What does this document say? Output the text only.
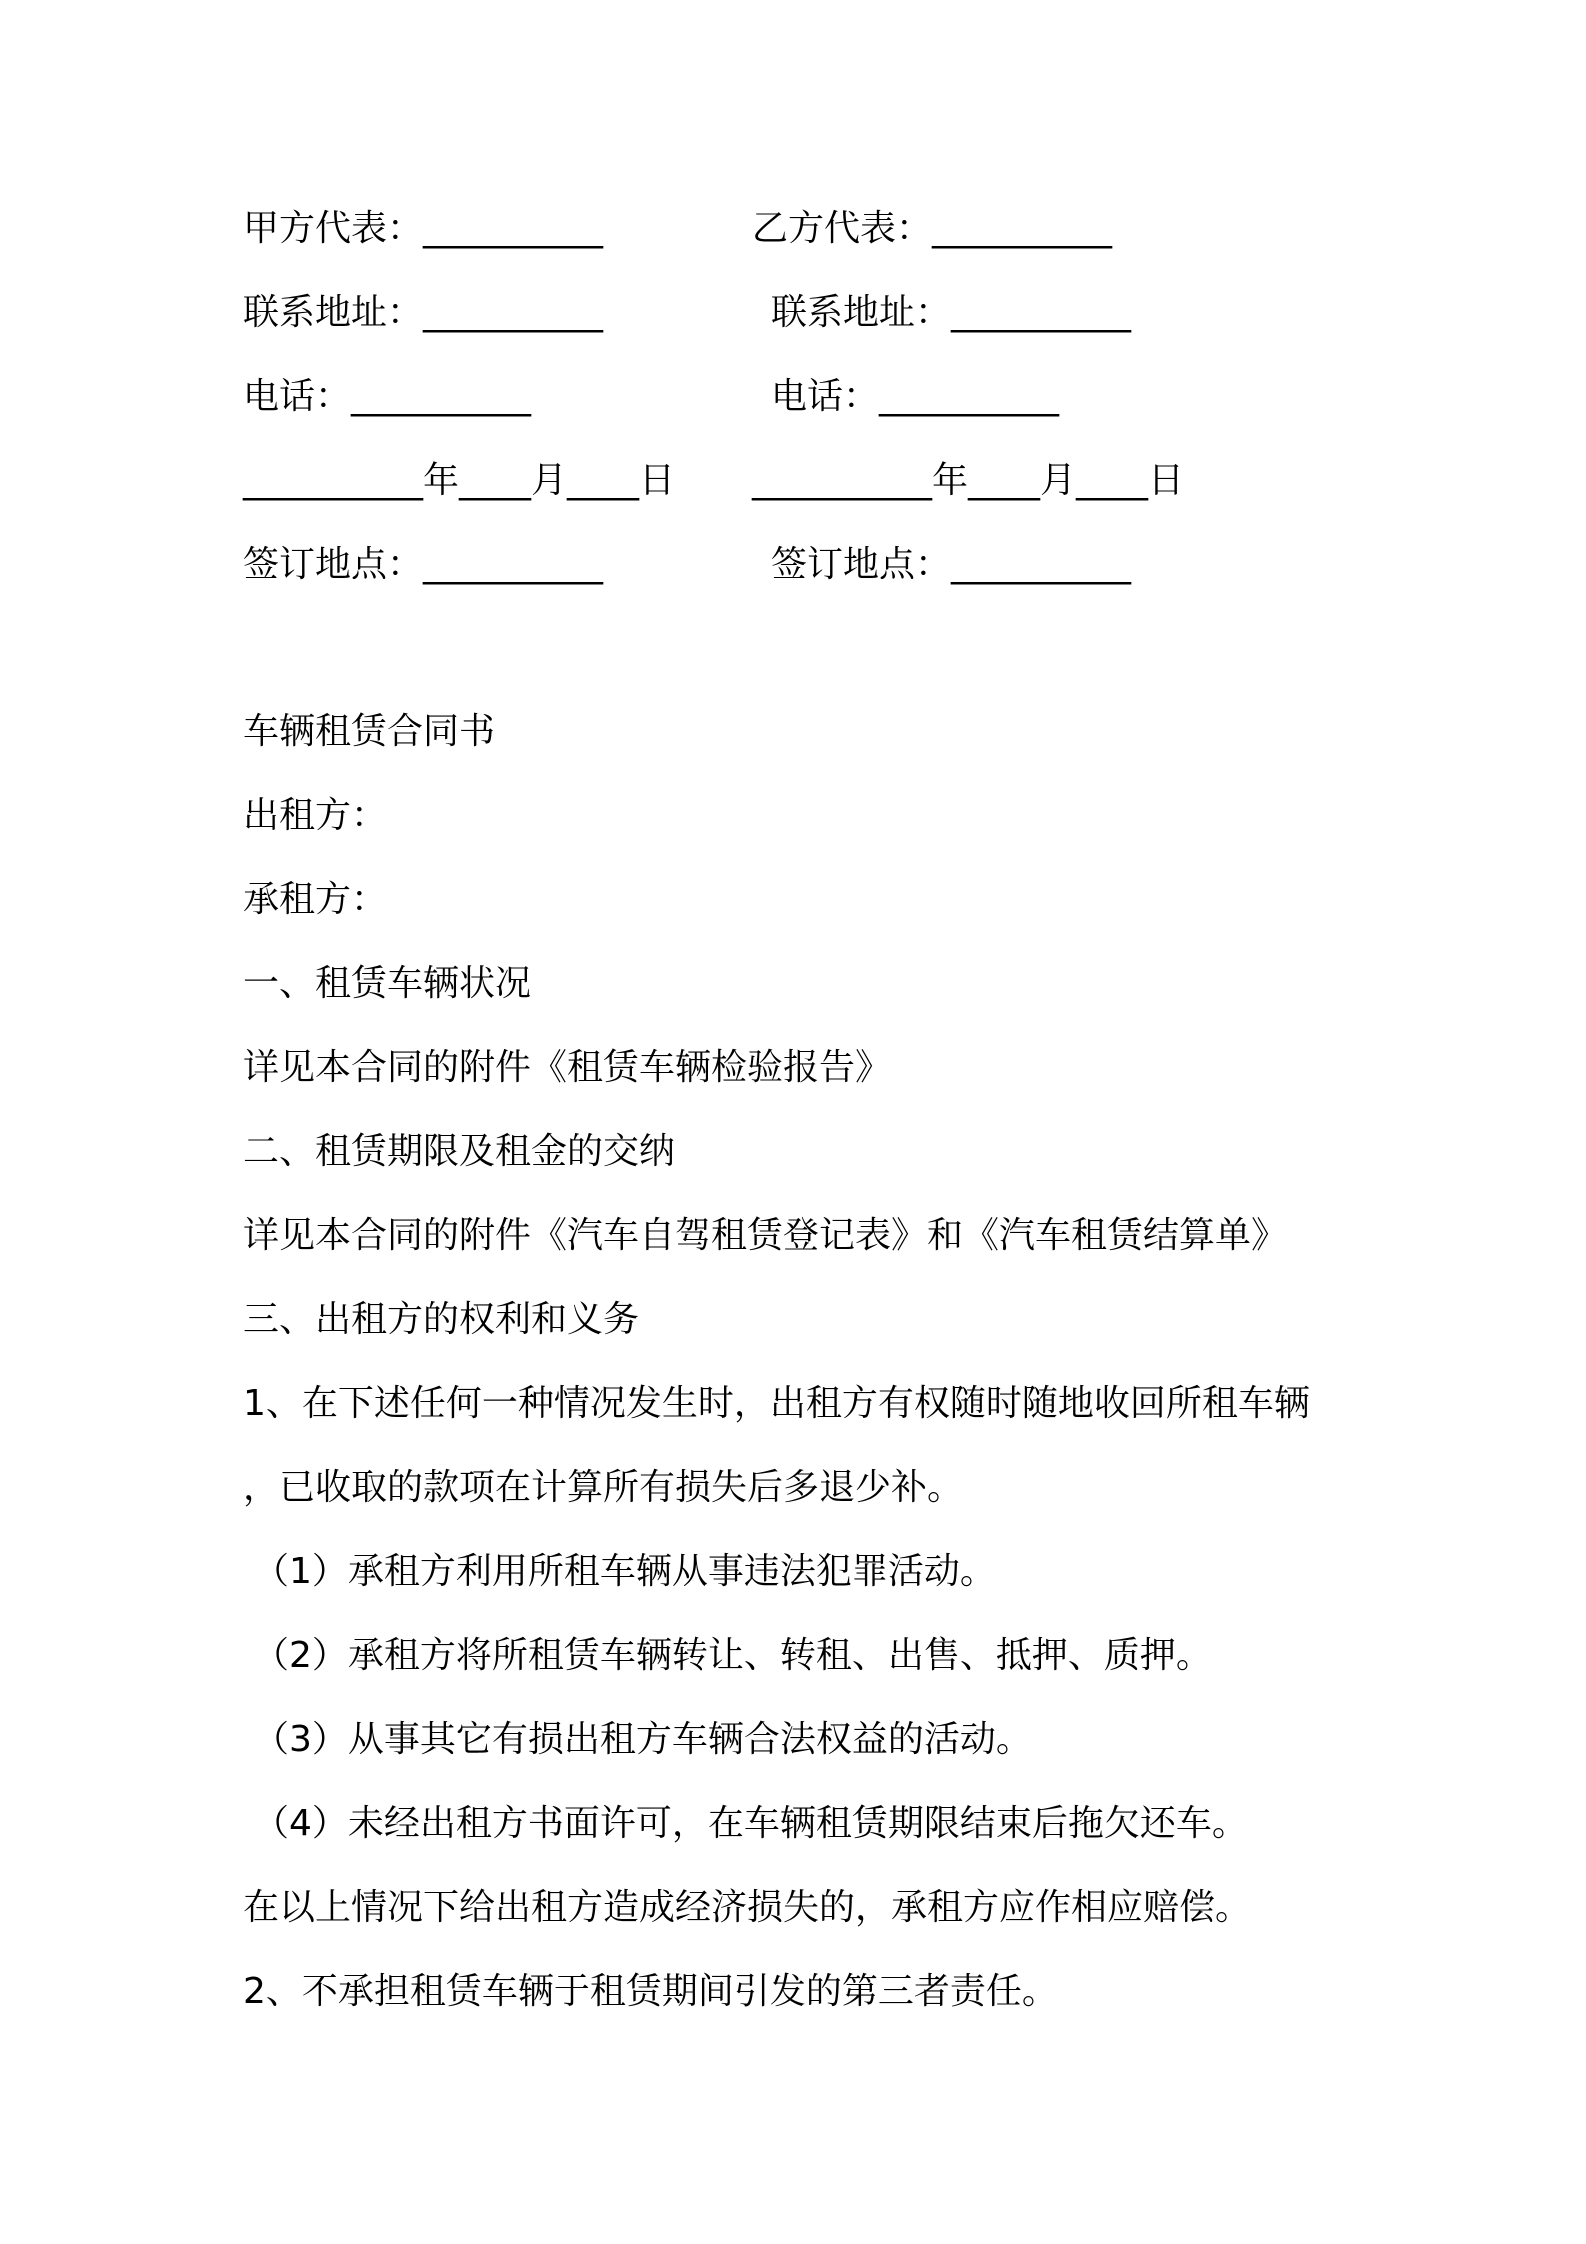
甲方代表：__________	乙方代表：__________
联系地址：__________	联系地址：__________
电话：__________	电话：__________
__________年____月____日 __________年____月____日
签订地点：__________	签订地点：__________
车辆租赁合同书
出租方：
承租方：
一、租赁车辆状况
详见本合同的附件《租赁车辆检验报告》
二、租赁期限及租金的交纳
详见本合同的附件《汽车自驾租赁登记表》和《汽车租赁结算单》
三、出租方的权利和义务
1、在下述任何一种情况发生时，出租方有权随时随地收回所租车辆
，已收取的款项在计算所有损失后多退少补。
（1）承租方利用所租车辆从事违法犯罪活动。
（2）承租方将所租赁车辆转让、转租、出售、抵押、质押。
（3）从事其它有损出租方车辆合法权益的活动。
（4）未经出租方书面许可，在车辆租赁期限结束后拖欠还车。
在以上情况下给出租方造成经济损失的，承租方应作相应赔偿。
2、不承担租赁车辆于租赁期间引发的第三者责任。
